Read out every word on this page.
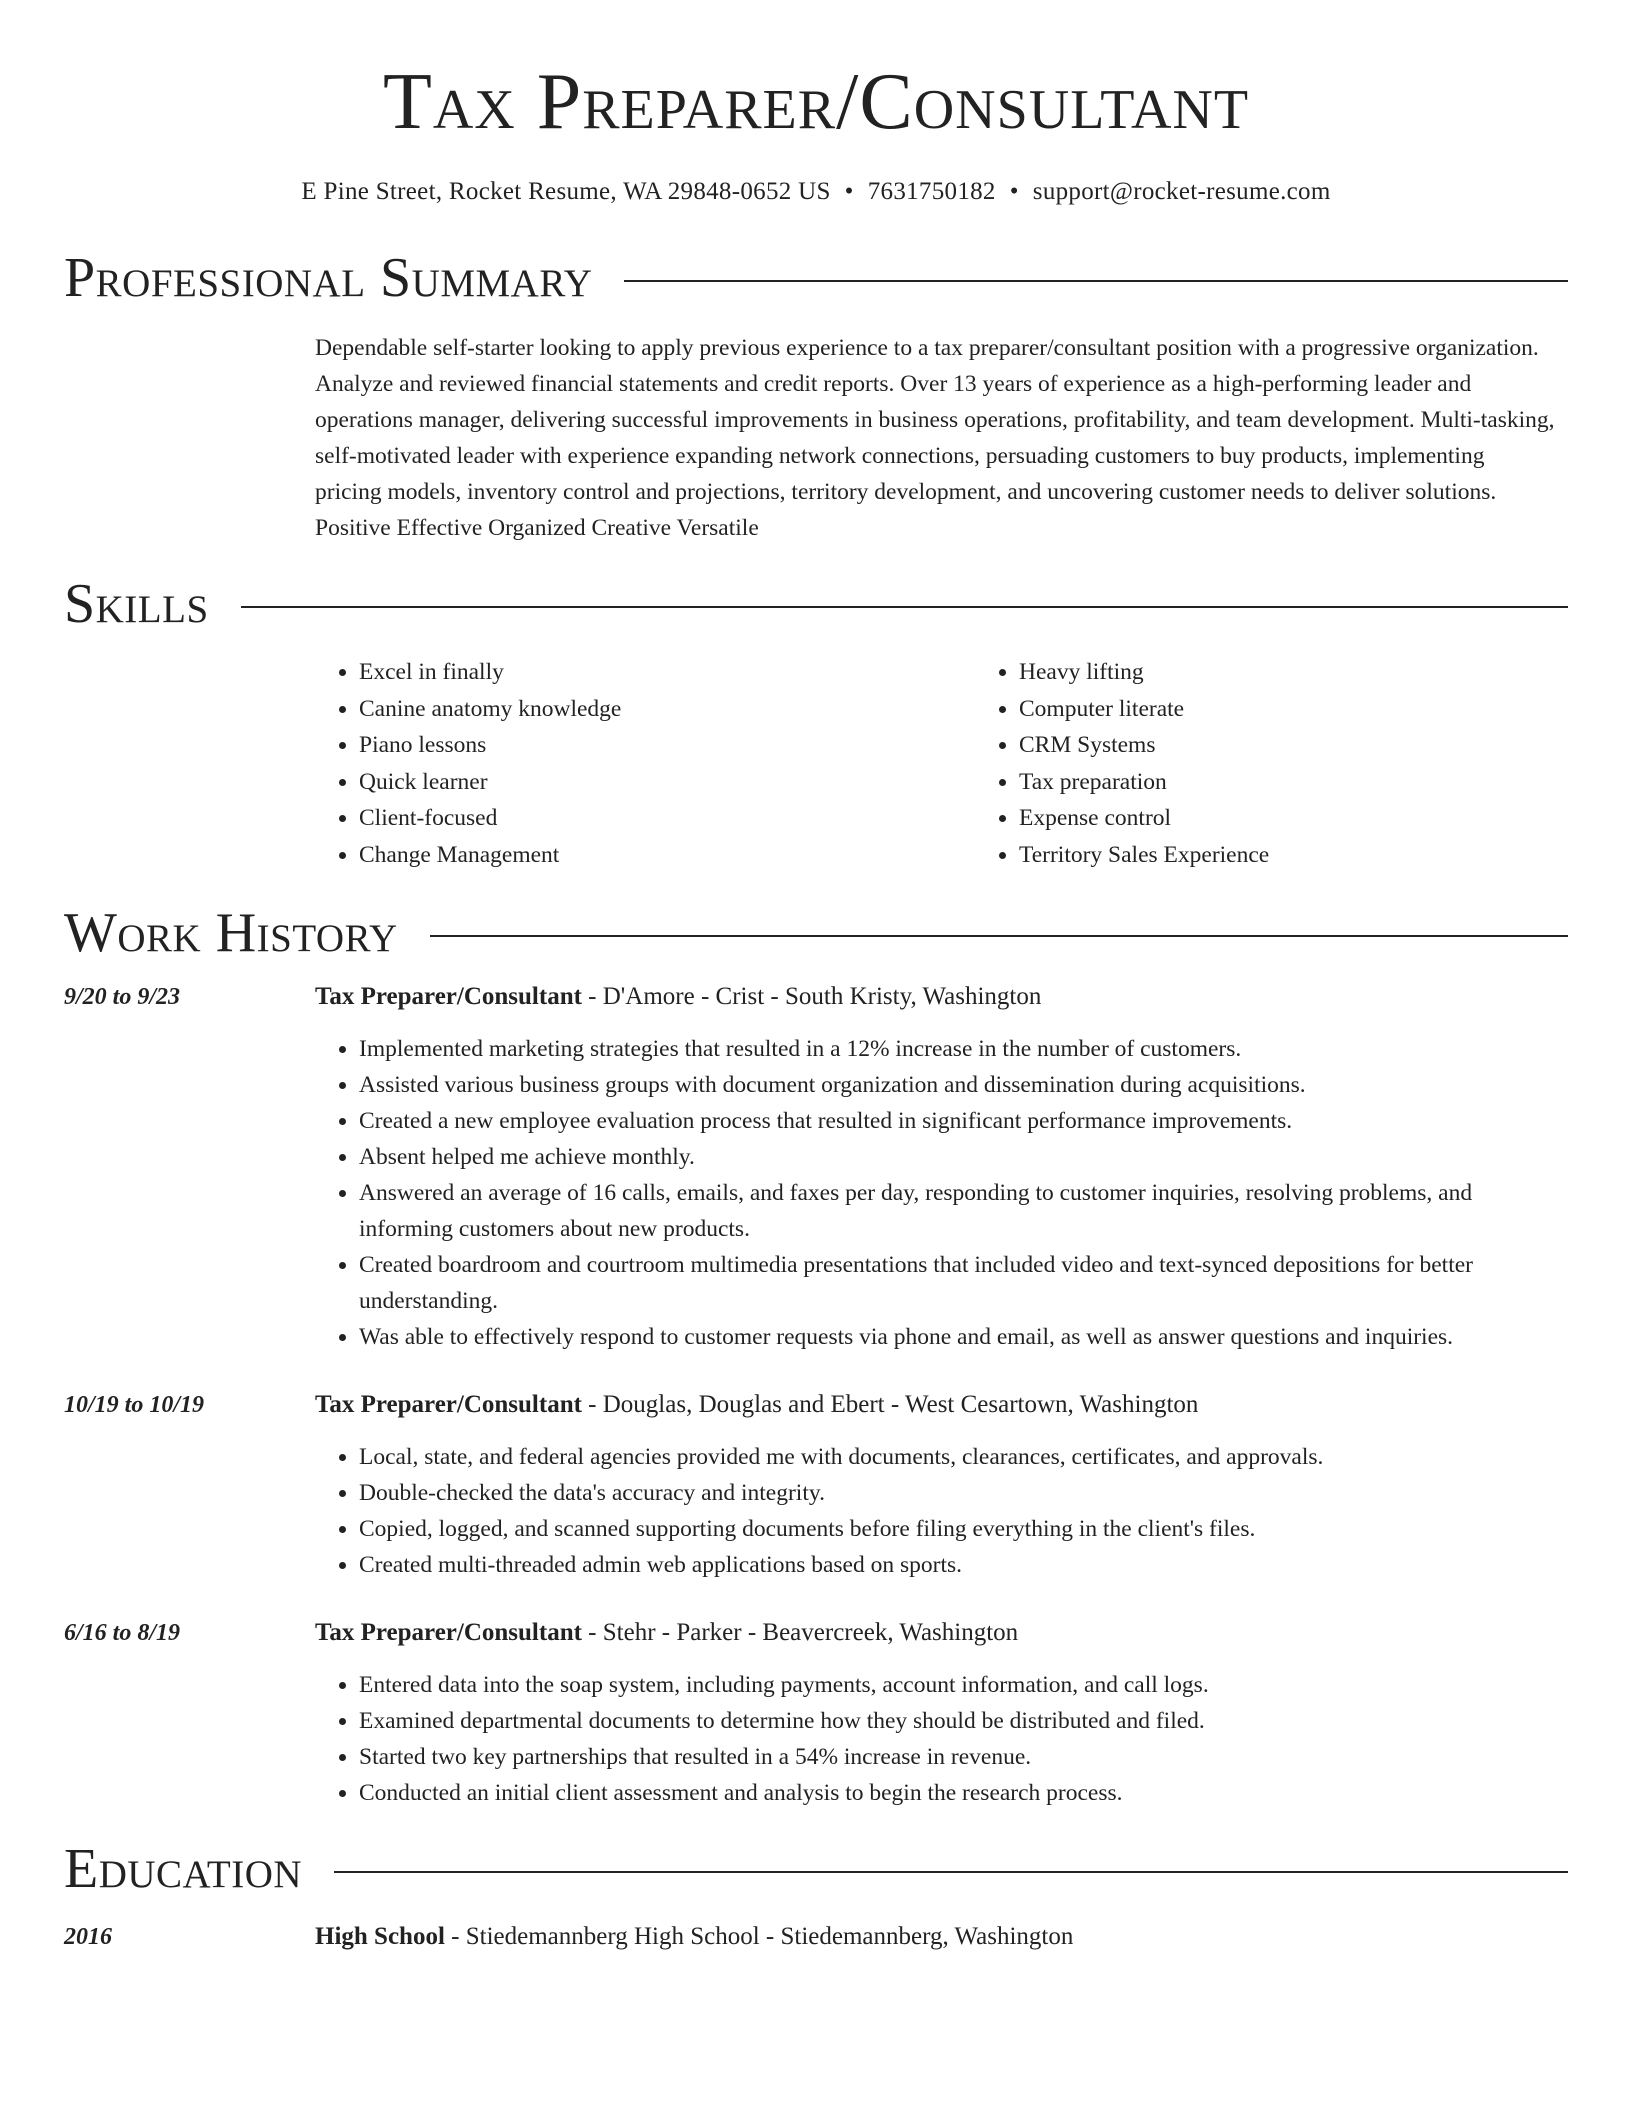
Tax Preparer/Consultant
E Pine Street, Rocket Resume, WA 29848-0652 US • 7631750182 • support@rocket-resume.com
Professional Summary
Dependable self-starter looking to apply previous experience to a tax preparer/consultant position with a progressive organization. Analyze and reviewed financial statements and credit reports. Over 13 years of experience as a high-performing leader and operations manager, delivering successful improvements in business operations, profitability, and team development. Multi-tasking, self-motivated leader with experience expanding network connections, persuading customers to buy products, implementing pricing models, inventory control and projections, territory development, and uncovering customer needs to deliver solutions. Positive Effective Organized Creative Versatile
Skills
• Excel in finally
• Canine anatomy knowledge
• Piano lessons
• Quick learner
• Client-focused
• Change Management
• Heavy lifting
• Computer literate
• CRM Systems
• Tax preparation
• Expense control
• Territory Sales Experience
Work History
9/20 to 9/23	Tax Preparer/Consultant - D'Amore - Crist - South Kristy, Washington
• Implemented marketing strategies that resulted in a 12% increase in the number of customers.
• Assisted various business groups with document organization and dissemination during acquisitions.
• Created a new employee evaluation process that resulted in significant performance improvements.
• Absent helped me achieve monthly.
• Answered an average of 16 calls, emails, and faxes per day, responding to customer inquiries, resolving problems, and informing customers about new products.
• Created boardroom and courtroom multimedia presentations that included video and text-synced depositions for better understanding.
• Was able to effectively respond to customer requests via phone and email, as well as answer questions and inquiries.
10/19 to 10/19	Tax Preparer/Consultant - Douglas, Douglas and Ebert - West Cesartown, Washington
• Local, state, and federal agencies provided me with documents, clearances, certificates, and approvals.
• Double-checked the data's accuracy and integrity.
• Copied, logged, and scanned supporting documents before filing everything in the client's files.
• Created multi-threaded admin web applications based on sports.
6/16 to 8/19	Tax Preparer/Consultant - Stehr - Parker - Beavercreek, Washington
• Entered data into the soap system, including payments, account information, and call logs.
• Examined departmental documents to determine how they should be distributed and filed.
• Started two key partnerships that resulted in a 54% increase in revenue.
• Conducted an initial client assessment and analysis to begin the research process.
Education
2016	High School - Stiedemannberg High School - Stiedemannberg, Washington
